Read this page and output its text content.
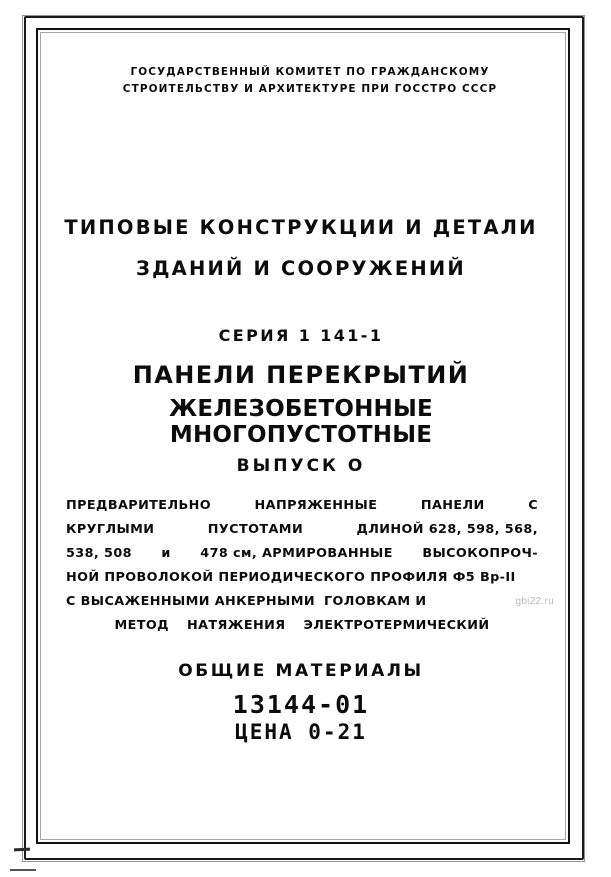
ГОСУДАРСТВЕННЫЙ КОМИТЕТ ПО ГРАЖДАНСКОМУ
СТРОИТЕЛЬСТВУ И АРХИТЕКТУРЕ ПРИ ГОССТРО СССР
ТИПОВЫЕ КОНСТРУКЦИИ И ДЕТАЛИ
ЗДАНИЙ И СООРУЖЕНИЙ
СЕРИЯ 1 141-1
ПАНЕЛИ ПЕРЕКРЫТИЙ
ЖЕЛЕЗОБЕТОННЫЕ МНОГОПУСТОТНЫЕ
ВЫПУСК О
ПРЕДВАРИТЕЛЬНО	НАПРЯЖЕННЫЕ	ПАНЕЛИ	С
КРУГЛЫМИ	ПУСТОТАМИ	ДЛИНОЙ 628, 598, 568,
538, 508 и 478 см, АРМИРОВАННЫЕ ВЫСОКОПРОЧ-
НОЙ ПРОВОЛОКОЙ ПЕРИОДИЧЕСКОГО ПРОФИЛЯ Ф5 Вр-II
С ВЫСАЖЕННЫМИ АНКЕРНЫМИ ГОЛОВКАМ И
МЕТОД НАТЯЖЕНИЯ ЭЛЕКТРОТЕРМИЧЕСКИЙ
ОБЩИЕ МАТЕРИАЛЫ
13144-01
ЦЕНА 0-21
gbi22.ru
